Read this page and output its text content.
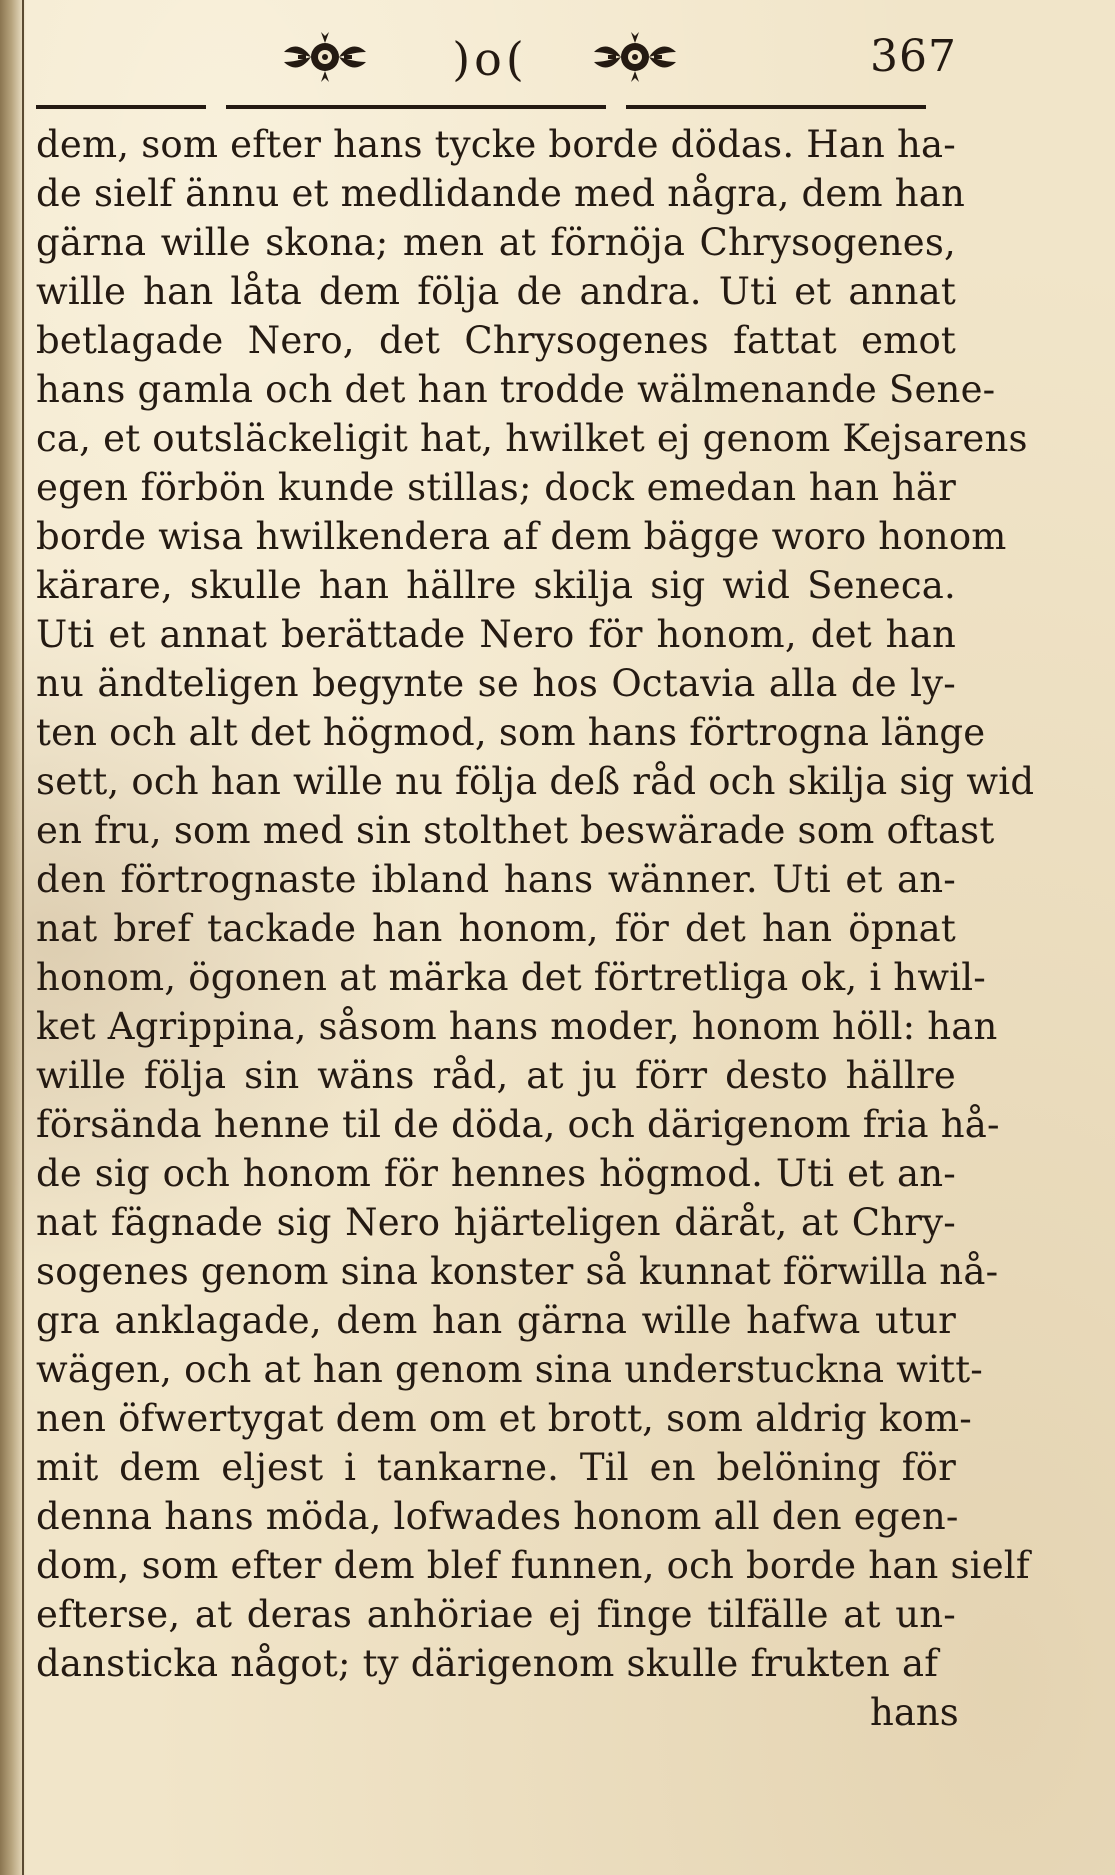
)o(	367
dem, som efter hans tycke borde dödas. Han ha-
de sielf ännu et medlidande med några, dem han
gärna wille skona; men at förnöja Chrysogenes,
wille han låta dem följa de andra. Uti et annat
betlagade Nero, det Chrysogenes fattat emot
hans gamla och det han trodde wälmenande Sene-
ca, et outsläckeligit hat, hwilket ej genom Kejsarens
egen förbön kunde stillas; dock emedan han här
borde wisa hwilkendera af dem bägge woro honom
kärare, skulle han hällre skilja sig wid Seneca.
Uti et annat berättade Nero för honom, det han
nu ändteligen begynte se hos Octavia alla de ly-
ten och alt det högmod, som hans förtrogna länge
sett, och han wille nu följa deß råd och skilja sig wid
en fru, som med sin stolthet beswärade som oftast
den förtrognaste ibland hans wänner. Uti et an-
nat bref tackade han honom, för det han öpnat
honom, ögonen at märka det förtretliga ok, i hwil-
ket Agrippina, såsom hans moder, honom höll: han
wille följa sin wäns råd, at ju förr desto hällre
försända henne til de döda, och därigenom fria hå-
de sig och honom för hennes högmod. Uti et an-
nat fägnade sig Nero hjärteligen däråt, at Chry-
sogenes genom sina konster så kunnat förwilla nå-
gra anklagade, dem han gärna wille hafwa utur
wägen, och at han genom sina understuckna witt-
nen öfwertygat dem om et brott, som aldrig kom-
mit dem eljest i tankarne. Til en belöning för
denna hans möda, lofwades honom all den egen-
dom, som efter dem blef funnen, och borde han sielf
efterse, at deras anhöriae ej finge tilfälle at un-
dansticka något; ty därigenom skulle frukten af
hans
